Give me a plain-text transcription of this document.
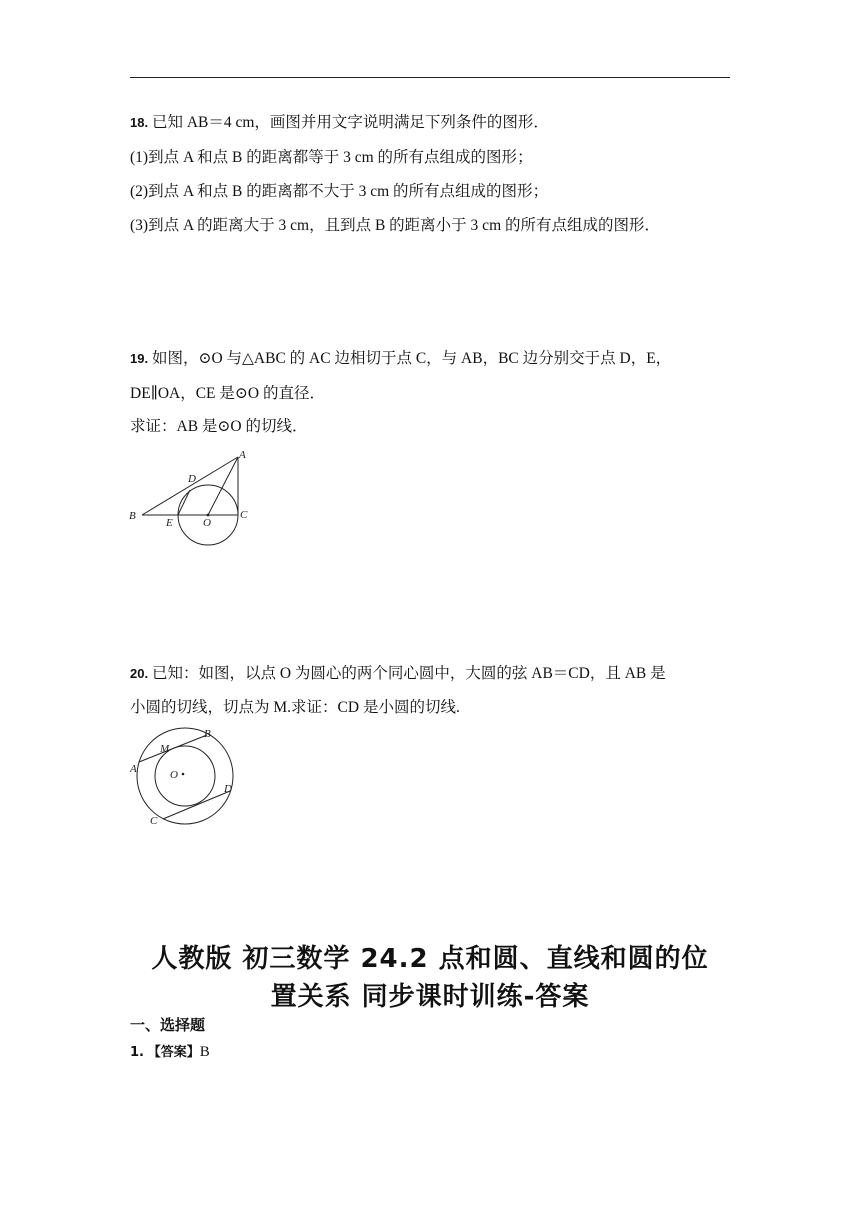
18. 已知 AB＝4 cm，画图并用文字说明满足下列条件的图形．
(1)到点 A 和点 B 的距离都等于 3 cm 的所有点组成的图形；
(2)到点 A 和点 B 的距离都不大于 3 cm 的所有点组成的图形；
(3)到点 A 的距离大于 3 cm，且到点 B 的距离小于 3 cm 的所有点组成的图形．
19. 如图，⊙O 与△ABC 的 AC 边相切于点 C，与 AB，BC 边分别交于点 D，E，
DE∥OA，CE 是⊙O 的直径．
求证：AB 是⊙O 的切线．
A
B	C
D
E	O
20. 已知：如图，以点 O 为圆心的两个同心圆中，大圆的弦 AB＝CD，且 AB 是
小圆的切线，切点为 M.求证：CD 是小圆的切线.
A
B
C
D
M
O
人教版 初三数学 24.2 点和圆、直线和圆的位
置关系 同步课时训练-答案
一、选择题
1. 【答案】B
